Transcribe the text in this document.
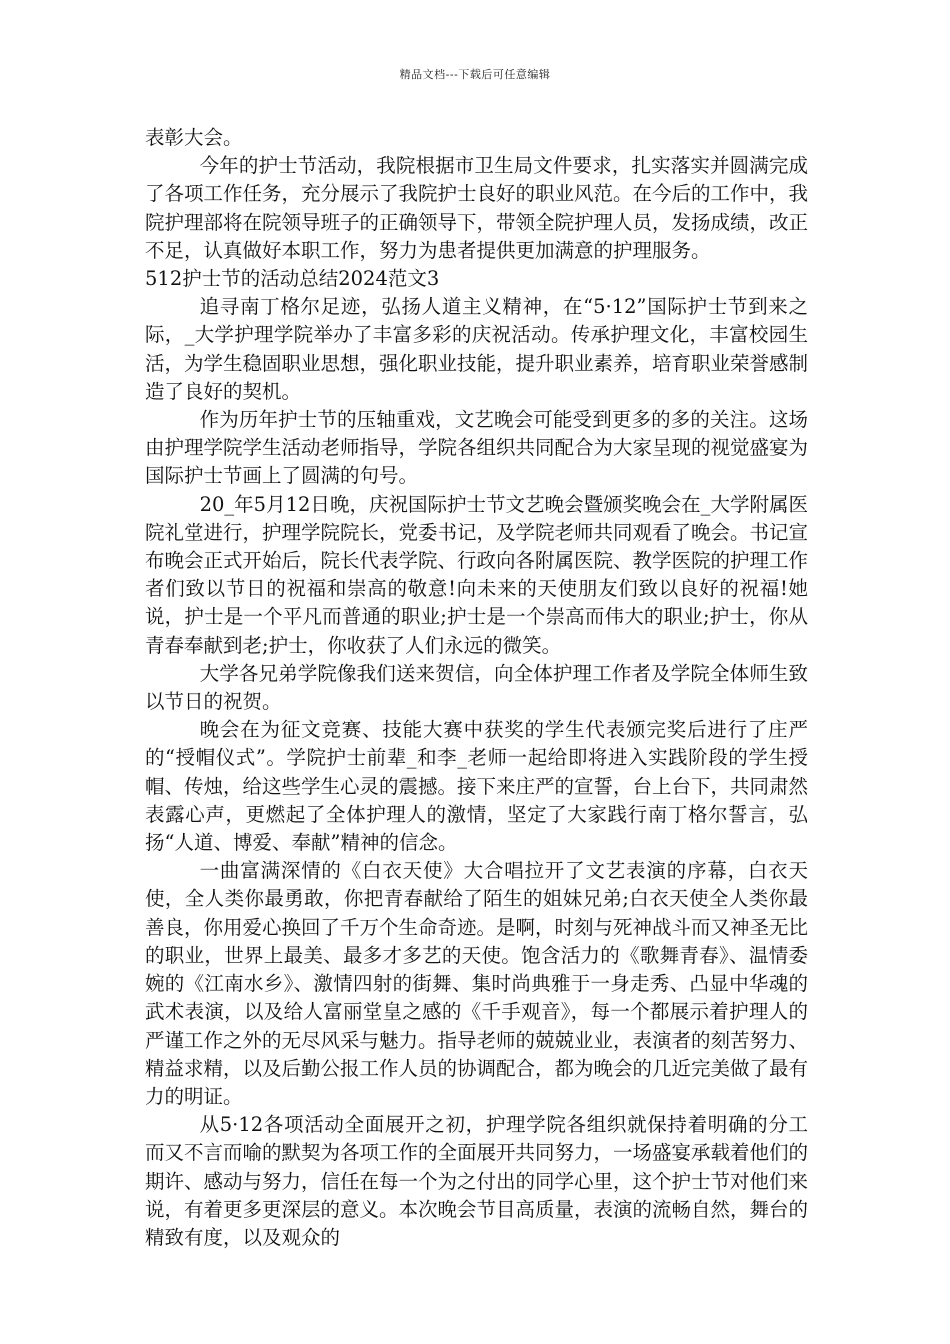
精品文档---下载后可任意编辑

表彰大会。

今年的护士节活动，我院根据市卫生局文件要求，扎实落实并圆满完成了各项工作任务，充分展示了我院护士良好的职业风范。在今后的工作中，我院护理部将在院领导班子的正确领导下，带领全院护理人员，发扬成绩，改正不足，认真做好本职工作，努力为患者提供更加满意的护理服务。

512护士节的活动总结2024范文3

追寻南丁格尔足迹，弘扬人道主义精神，在“5·12”国际护士节到来之际，_大学护理学院举办了丰富多彩的庆祝活动。传承护理文化，丰富校园生活，为学生稳固职业思想，强化职业技能，提升职业素养，培育职业荣誉感制造了良好的契机。

作为历年护士节的压轴重戏，文艺晚会可能受到更多的多的关注。这场由护理学院学生活动老师指导，学院各组织共同配合为大家呈现的视觉盛宴为国际护士节画上了圆满的句号。

20_年5月12日晚，庆祝国际护士节文艺晚会暨颁奖晚会在_大学附属医院礼堂进行，护理学院院长，党委书记，及学院老师共同观看了晚会。书记宣布晚会正式开始后，院长代表学院、行政向各附属医院、教学医院的护理工作者们致以节日的祝福和崇高的敬意!向未来的天使朋友们致以良好的祝福!她说，护士是一个平凡而普通的职业;护士是一个崇高而伟大的职业;护士，你从青春奉献到老;护士，你收获了人们永远的微笑。

大学各兄弟学院像我们送来贺信，向全体护理工作者及学院全体师生致以节日的祝贺。

晚会在为征文竞赛、技能大赛中获奖的学生代表颁完奖后进行了庄严的“授帽仪式”。学院护士前辈_和李_老师一起给即将进入实践阶段的学生授帽、传烛，给这些学生心灵的震撼。接下来庄严的宣誓，台上台下，共同肃然表露心声，更燃起了全体护理人的激情，坚定了大家践行南丁格尔誓言，弘扬“人道、博爱、奉献”精神的信念。

一曲富满深情的《白衣天使》大合唱拉开了文艺表演的序幕，白衣天使，全人类你最勇敢，你把青春献给了陌生的姐妹兄弟;白衣天使全人类你最善良，你用爱心换回了千万个生命奇迹。是啊，时刻与死神战斗而又神圣无比的职业，世界上最美、最多才多艺的天使。饱含活力的《歌舞青春》、温情委婉的《江南水乡》、激情四射的街舞、集时尚典雅于一身走秀、凸显中华魂的武术表演，以及给人富丽堂皇之感的《千手观音》，每一个都展示着护理人的严谨工作之外的无尽风采与魅力。指导老师的兢兢业业，表演者的刻苦努力、精益求精，以及后勤公报工作人员的协调配合，都为晚会的几近完美做了最有力的明证。

从5·12各项活动全面展开之初，护理学院各组织就保持着明确的分工而又不言而喻的默契为各项工作的全面展开共同努力，一场盛宴承载着他们的期许、感动与努力，信任在每一个为之付出的同学心里，这个护士节对他们来说，有着更多更深层的意义。本次晚会节目高质量，表演的流畅自然，舞台的精致有度，以及观众的
